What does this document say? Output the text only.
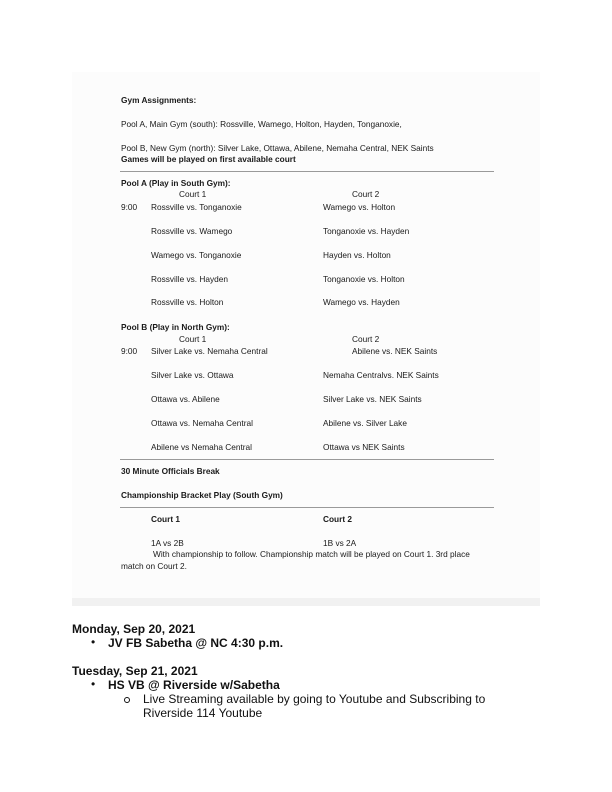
Gym Assignments:
Pool A, Main Gym (south): Rossville, Wamego, Holton, Hayden, Tonganoxie,
Pool B, New Gym (north): Silver Lake, Ottawa, Abilene, Nemaha Central, NEK Saints
Games will be played on first available court
Pool A (Play in South Gym):
Court 1	Court 2
9:00 Rossville vs. Tonganoxie	Wamego vs. Holton
Rossville vs. Wamego	Tonganoxie vs. Hayden
Wamego vs. Tonganoxie	Hayden vs. Holton
Rossville vs. Hayden	Tonganoxie vs. Holton
Rossville vs. Holton	Wamego vs. Hayden
Pool B (Play in North Gym):
Court 1	Court 2
9:00 Silver Lake vs. Nemaha Central	Abilene vs. NEK Saints
Silver Lake vs. Ottawa	Nemaha Centralvs. NEK Saints
Ottawa vs. Abilene	Silver Lake vs. NEK Saints
Ottawa vs. Nemaha Central	Abilene vs. Silver Lake
Abilene vs Nemaha Central	Ottawa vs NEK Saints
30 Minute Officials Break
Championship Bracket Play (South Gym)
Court 1	Court 2
1A vs 2B	1B vs 2A
With championship to follow. Championship match will be played on Court 1. 3rd place
match on Court 2.
Monday, Sep 20, 2021
• JV FB Sabetha @ NC 4:30 p.m.
Tuesday, Sep 21, 2021
• HS VB @ Riverside w/Sabetha
Live Streaming available by going to Youtube and Subscribing to
Riverside 114 Youtube
